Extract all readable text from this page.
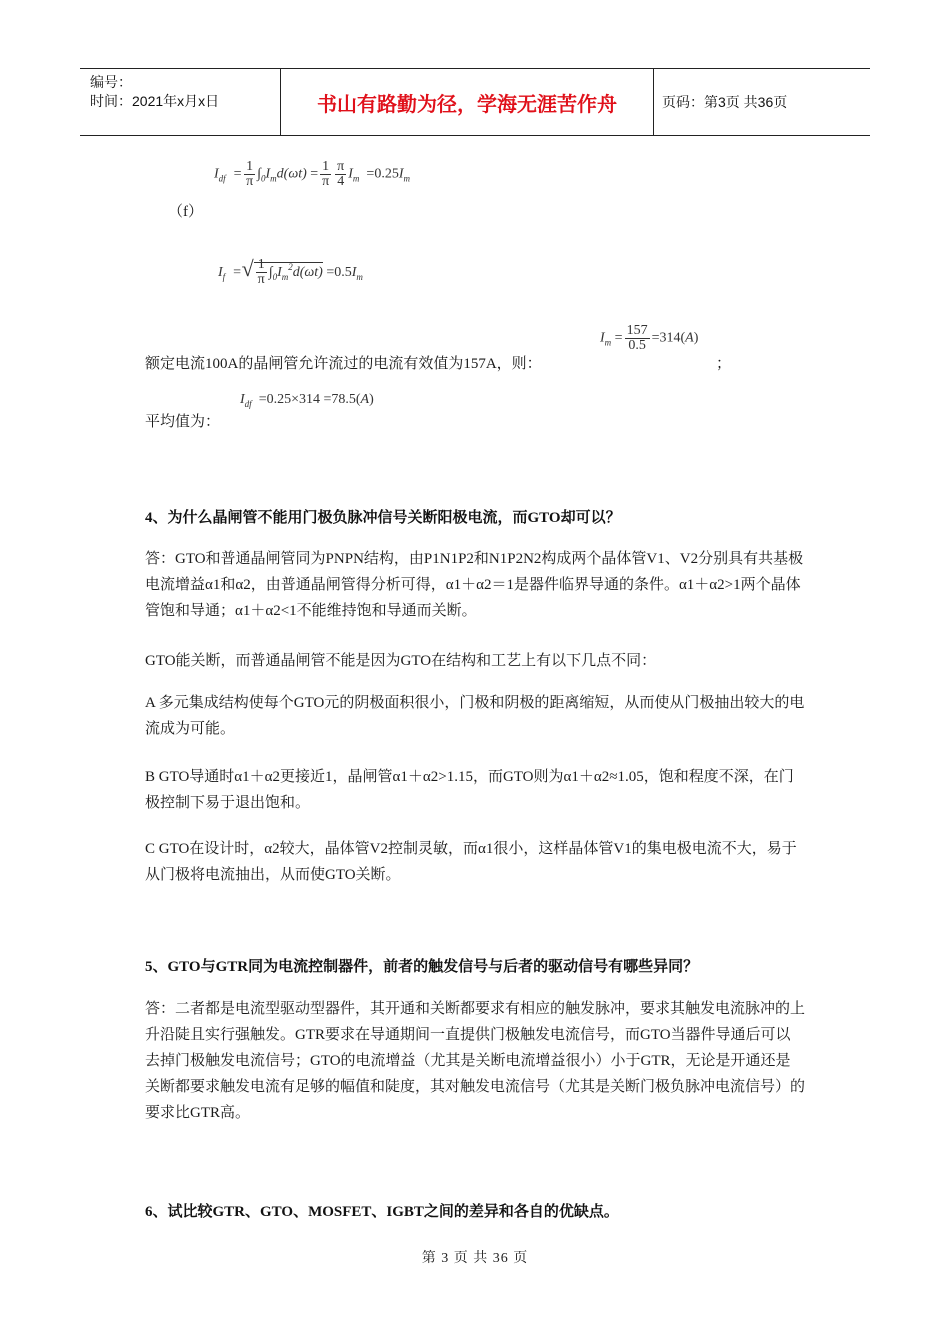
编号：
时间：2021年x月x日	书山有路勤为径，学海无涯苦作舟	页码：第3页 共36页
$I_{df} = \frac{1}{\pi} \int_0I_md(\omega t) = \frac{1}{\pi} \frac{\pi}{4} I_m =0.25I_m$
（f）
$I_f$  =√ $\frac{1}{\pi} \int_0I_m^2d(\omega t) =0.5I_m$
额定电流100A的晶闸管允许流过的电流有效值为157A，则：
$I_m = \frac{157}{0.5} =314(A)$
；
$I_{df} =0.25\times 314 =78.5(A)$
平均值为：
4、为什么晶闸管不能用门极负脉冲信号关断阳极电流，而GTO却可以？
答：GTO和普通晶闸管同为PNPN结构，由P1N1P2和N1P2N2构成两个晶体管V1、V2分别具有共基极电流增益α1和α2，由普通晶闸管得分析可得，α1＋α2＝1是器件临界导通的条件。α1＋α2>1两个晶体管饱和导通；α1＋α2<1不能维持饱和导通而关断。
GTO能关断，而普通晶闸管不能是因为GTO在结构和工艺上有以下几点不同：
A 多元集成结构使每个GTO元的阴极面积很小，门极和阴极的距离缩短，从而使从门极抽出较大的电流成为可能。
B GTO导通时α1＋α2更接近1，晶闸管α1＋α2>1.15，而GTO则为α1＋α2≈1.05，饱和程度不深，在门极控制下易于退出饱和。
C GTO在设计时，α2较大，晶体管V2控制灵敏，而α1很小，这样晶体管V1的集电极电流不大，易于从门极将电流抽出，从而使GTO关断。
5、GTO与GTR同为电流控制器件，前者的触发信号与后者的驱动信号有哪些异同？
答：二者都是电流型驱动型器件，其开通和关断都要求有相应的触发脉冲，要求其触发电流脉冲的上升沿陡且实行强触发。GTR要求在导通期间一直提供门极触发电流信号，而GTO当器件导通后可以去掉门极触发电流信号；GTO的电流增益（尤其是关断电流增益很小）小于GTR，无论是开通还是关断都要求触发电流有足够的幅值和陡度，其对触发电流信号（尤其是关断门极负脉冲电流信号）的要求比GTR高。
6、试比较GTR、GTO、MOSFET、IGBT之间的差异和各自的优缺点。
第 3 页 共 36 页
